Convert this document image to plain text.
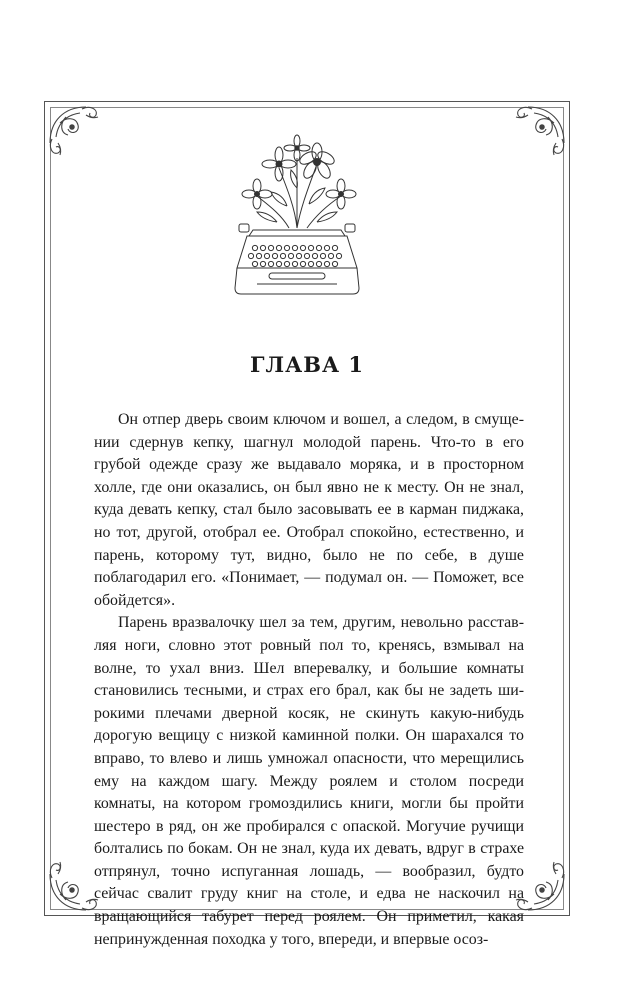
ГЛАВА 1

Он отпер дверь своим ключом и вошел, а следом, в смущении сдернув кепку, шагнул молодой парень. Что-то в его грубой одежде сразу же выдавало моряка, и в просторном холле, где они оказались, он был явно не к месту. Он не знал, куда девать кепку, стал было засовывать ее в карман пиджака, но тот, другой, отобрал ее. Отобрал спокойно, естественно, и парень, которому тут, видно, было не по себе, в душе поблагодарил его. «Понимает, — подумал он. — Поможет, все обойдется».

Парень вразвалочку шел за тем, другим, невольно расставляя ноги, словно этот ровный пол то, кренясь, взмывал на волне, то ухал вниз. Шел вперевалку, и большие комнаты становились тесными, и страх его брал, как бы не задеть широкими плечами дверной косяк, не скинуть какую-нибудь дорогую вещицу с низкой каминной полки. Он шарахался то вправо, то влево и лишь умножал опасности, что мерещились ему на каждом шагу. Между роялем и столом посреди комнаты, на котором громоздились книги, могли бы пройти шестеро в ряд, он же пробирался с опаской. Могучие ручищи болтались по бокам. Он не знал, куда их девать, вдруг в страхе отпрянул, точно испуганная лошадь, — вообразил, будто сейчас свалит груду книг на столе, и едва не наскочил на вращающийся табурет перед роялем. Он приметил, какая непринужденная походка у того, впереди, и впервые осоз-
